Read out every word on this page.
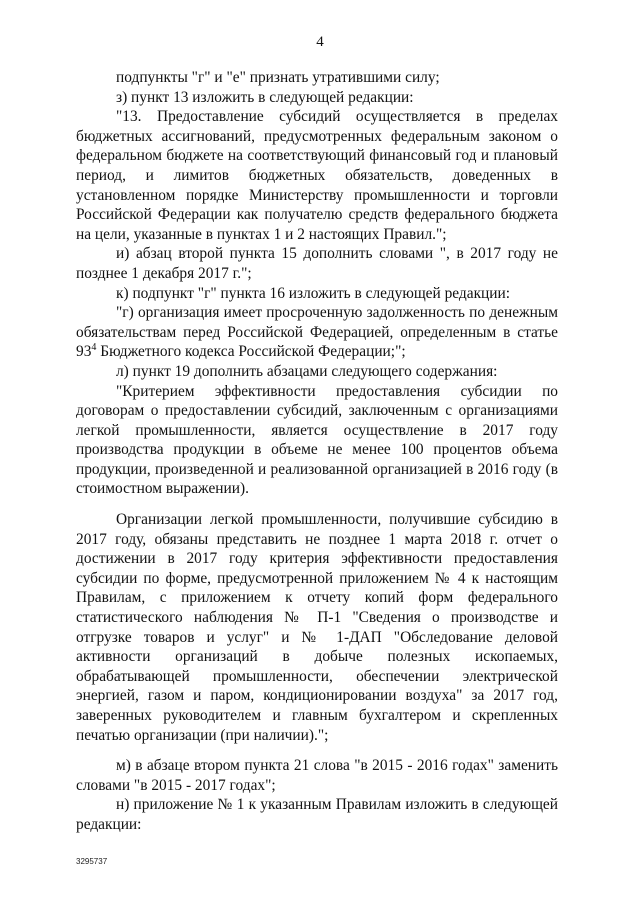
4

подпункты "г" и "е" признать утратившими силу;

з) пункт 13 изложить в следующей редакции:

"13. Предоставление субсидий осуществляется в пределах бюджетных ассигнований, предусмотренных федеральным законом о федеральном бюджете на соответствующий финансовый год и плановый период, и лимитов бюджетных обязательств, доведенных в установленном порядке Министерству промышленности и торговли Российской Федерации как получателю средств федерального бюджета на цели, указанные в пунктах 1 и 2 настоящих Правил.";

и) абзац второй пункта 15 дополнить словами ", в 2017 году не позднее 1 декабря 2017 г.";

к) подпункт "г" пункта 16 изложить в следующей редакции:

"г) организация имеет просроченную задолженность по денежным обязательствам перед Российской Федерацией, определенным в статье $93^4$ Бюджетного кодекса Российской Федерации;";

л) пункт 19 дополнить абзацами следующего содержания:

"Критерием эффективности предоставления субсидии по договорам о предоставлении субсидий, заключенным с организациями легкой промышленности, является осуществление в 2017 году производства продукции в объеме не менее 100 процентов объема продукции, произведенной и реализованной организацией в 2016 году (в стоимостном выражении).

Организации легкой промышленности, получившие субсидию в 2017 году, обязаны представить не позднее 1 марта 2018 г. отчет о достижении в 2017 году критерия эффективности предоставления субсидии по форме, предусмотренной приложением № 4 к настоящим Правилам, с приложением к отчету копий форм федерального статистического наблюдения № П-1 "Сведения о производстве и отгрузке товаров и услуг" и № 1-ДАП "Обследование деловой активности организаций в добыче полезных ископаемых, обрабатывающей промышленности, обеспечении электрической энергией, газом и паром, кондиционировании воздуха" за 2017 год, заверенных руководителем и главным бухгалтером и скрепленных печатью организации (при наличии).";

м) в абзаце втором пункта 21 слова "в 2015 - 2016 годах" заменить словами "в 2015 - 2017 годах";

н) приложение № 1 к указанным Правилам изложить в следующей редакции:

3295737
